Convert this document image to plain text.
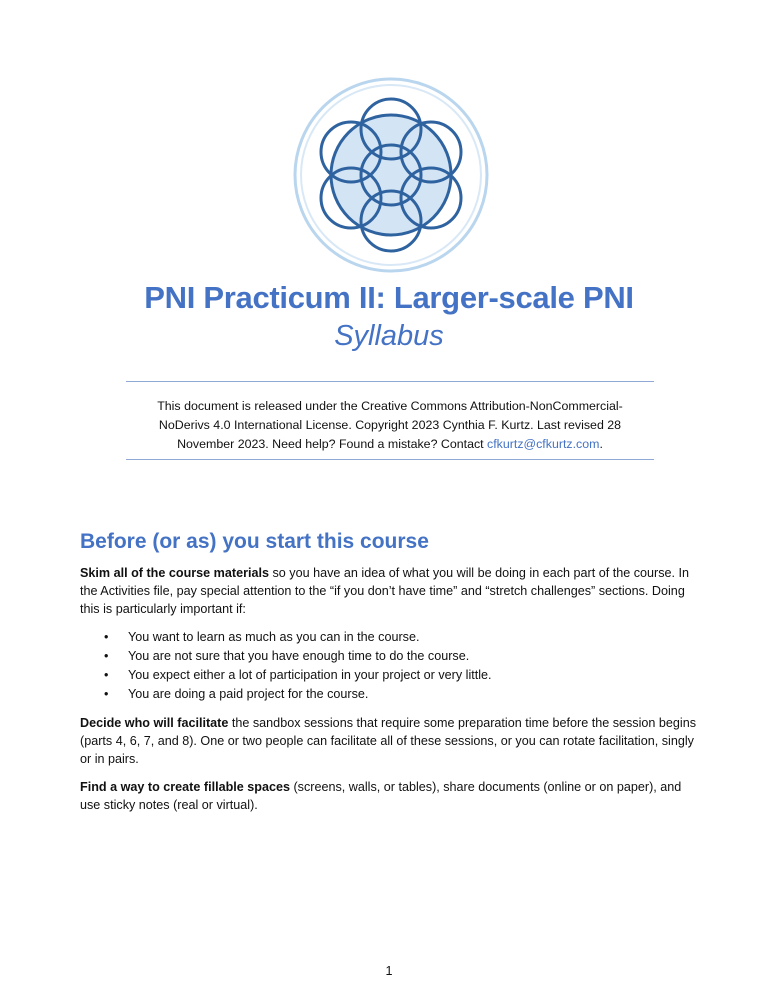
PNI Practicum II: Larger-scale PNI
Syllabus
This document is released under the Creative Commons Attribution-NonCommercial-NoDerivs 4.0 International License. Copyright 2023 Cynthia F. Kurtz. Last revised 28 November 2023. Need help? Found a mistake? Contact cfkurtz@cfkurtz.com.
Before (or as) you start this course

Skim all of the course materials so you have an idea of what you will be doing in each part of the course. In the Activities file, pay special attention to the “if you don’t have time” and “stretch challenges” sections. Doing this is particularly important if:

• You want to learn as much as you can in the course.
• You are not sure that you have enough time to do the course.
• You expect either a lot of participation in your project or very little.
• You are doing a paid project for the course.

Decide who will facilitate the sandbox sessions that require some preparation time before the session begins (parts 4, 6, 7, and 8). One or two people can facilitate all of these sessions, or you can rotate facilitation, singly or in pairs.

Find a way to create fillable spaces (screens, walls, or tables), share documents (online or on paper), and use sticky notes (real or virtual).

1
